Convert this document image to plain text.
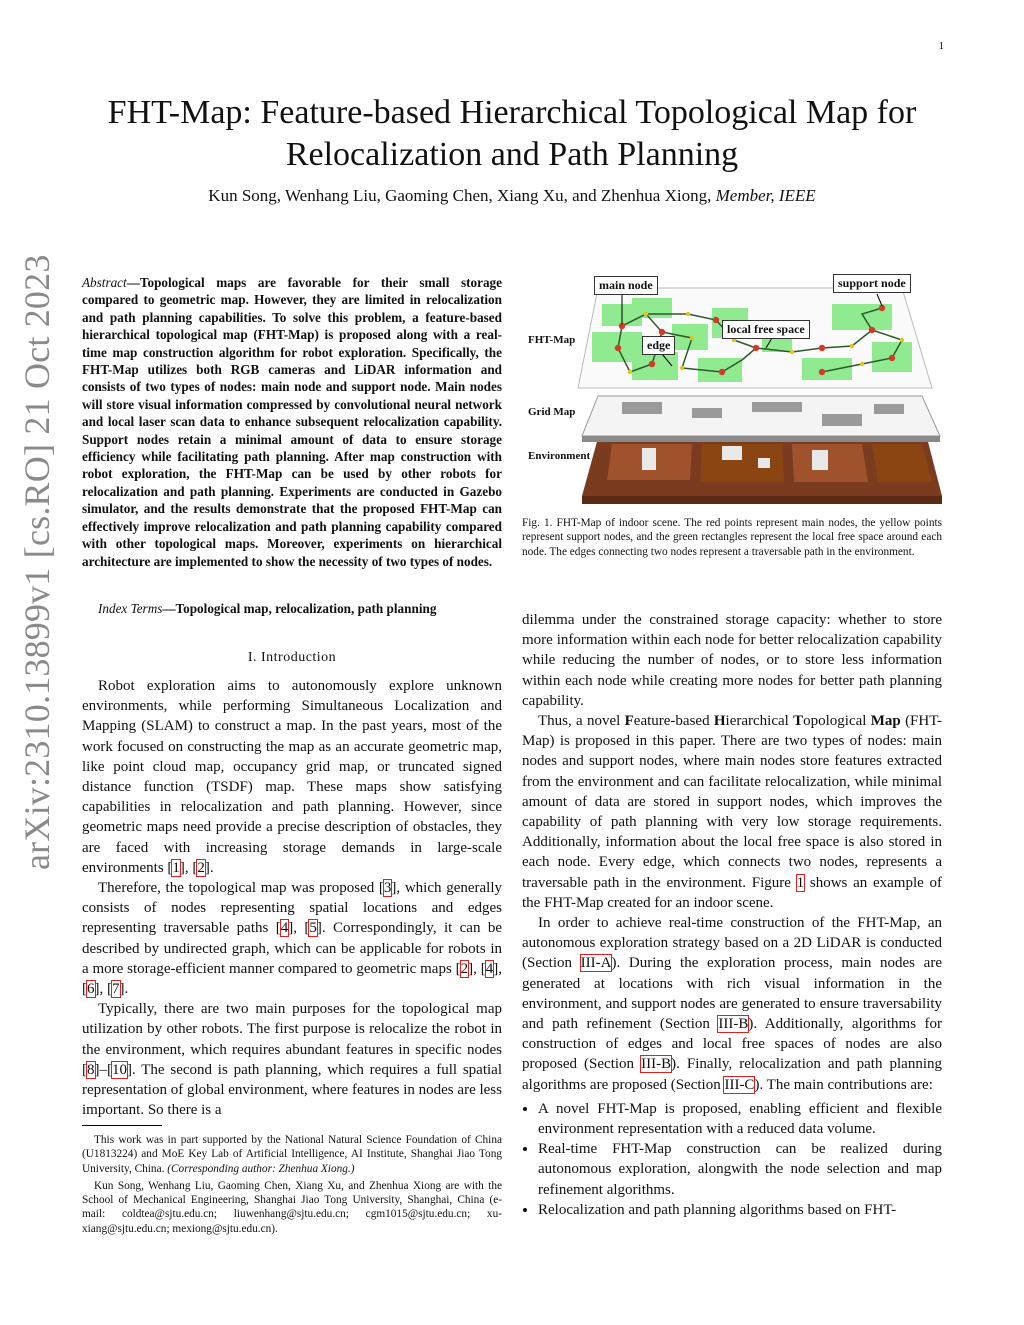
1
arXiv:2310.13899v1 [cs.RO] 21 Oct 2023
FHT-Map: Feature-based Hierarchical Topological Map for
Relocalization and Path Planning
Kun Song, Wenhang Liu, Gaoming Chen, Xiang Xu, and Zhenhua Xiong, Member, IEEE
Abstract—Topological maps are favorable for their small storage compared to geometric map. However, they are limited in relocalization and path planning capabilities. To solve this problem, a feature-based hierarchical topological map (FHT-Map) is proposed along with a real-time map construction algorithm for robot exploration. Specifically, the FHT-Map utilizes both RGB cameras and LiDAR information and consists of two types of nodes: main node and support node. Main nodes will store visual information compressed by convolutional neural network and local laser scan data to enhance subsequent relocalization capability. Support nodes retain a minimal amount of data to ensure storage efficiency while facilitating path planning. After map construction with robot exploration, the FHT-Map can be used by other robots for relocalization and path planning. Experiments are conducted in Gazebo simulator, and the results demonstrate that the proposed FHT-Map can effectively improve relocalization and path planning capability compared with other topological maps. Moreover, experiments on hierarchical architecture are implemented to show the necessity of two types of nodes.
Index Terms—Topological map, relocalization, path planning
I. Introduction

Robot exploration aims to autonomously explore unknown environments, while performing Simultaneous Localization and Mapping (SLAM) to construct a map. In the past years, most of the work focused on constructing the map as an accurate geometric map, like point cloud map, occupancy grid map, or truncated signed distance function (TSDF) map. These maps show satisfying capabilities in relocalization and path planning. However, since geometric maps need provide a precise description of obstacles, they are faced with increasing storage demands in large-scale environments [1], [2].

Therefore, the topological map was proposed [3], which generally consists of nodes representing spatial locations and edges representing traversable paths [4], [5]. Correspondingly, it can be described by undirected graph, which can be applicable for robots in a more storage-efficient manner compared to geometric maps [2], [4], [6], [7].

Typically, there are two main purposes for the topological map utilization by other robots. The first purpose is relocalize the robot in the environment, which requires abundant features in specific nodes [8]–[10]. The second is path planning, which requires a full spatial representation of global environment, where features in nodes are less important. So there is a

This work was in part supported by the National Natural Science Foundation of China (U1813224) and MoE Key Lab of Artificial Intelligence, AI Institute, Shanghai Jiao Tong University, China. (Corresponding author: Zhenhua Xiong.)

Kun Song, Wenhang Liu, Gaoming Chen, Xiang Xu, and Zhenhua Xiong are with the School of Mechanical Engineering, Shanghai Jiao Tong University, Shanghai, China (e-mail: coldtea@sjtu.edu.cn; liuwenhang@sjtu.edu.cn; cgm1015@sjtu.edu.cn; xu-xiang@sjtu.edu.cn; mexiong@sjtu.edu.cn).

main node	support node
local free space
edge
FHT-Map
Grid Map
Environment
Fig. 1. FHT-Map of indoor scene. The red points represent main nodes, the yellow points represent support nodes, and the green rectangles represent the local free space around each node. The edges connecting two nodes represent a traversable path in the environment.

dilemma under the constrained storage capacity: whether to store more information within each node for better relocalization capability while reducing the number of nodes, or to store less information within each node while creating more nodes for better path planning capability.

Thus, a novel Feature-based Hierarchical Topological Map (FHT-Map) is proposed in this paper. There are two types of nodes: main nodes and support nodes, where main nodes store features extracted from the environment and can facilitate relocalization, while minimal amount of data are stored in support nodes, which improves the capability of path planning with very low storage requirements. Additionally, information about the local free space is also stored in each node. Every edge, which connects two nodes, represents a traversable path in the environment. Figure 1 shows an example of the FHT-Map created for an indoor scene.

In order to achieve real-time construction of the FHT-Map, an autonomous exploration strategy based on a 2D LiDAR is conducted (Section III-A). During the exploration process, main nodes are generated at locations with rich visual information in the environment, and support nodes are generated to ensure traversability and path refinement (Section III-B). Additionally, algorithms for construction of edges and local free spaces of nodes are also proposed (Section III-B). Finally, relocalization and path planning algorithms are proposed (Section III-C). The main contributions are:

• A novel FHT-Map is proposed, enabling efficient and flexible environment representation with a reduced data volume.
• Real-time FHT-Map construction can be realized during autonomous exploration, alongwith the node selection and map refinement algorithms.
• Relocalization and path planning algorithms based on FHT-
